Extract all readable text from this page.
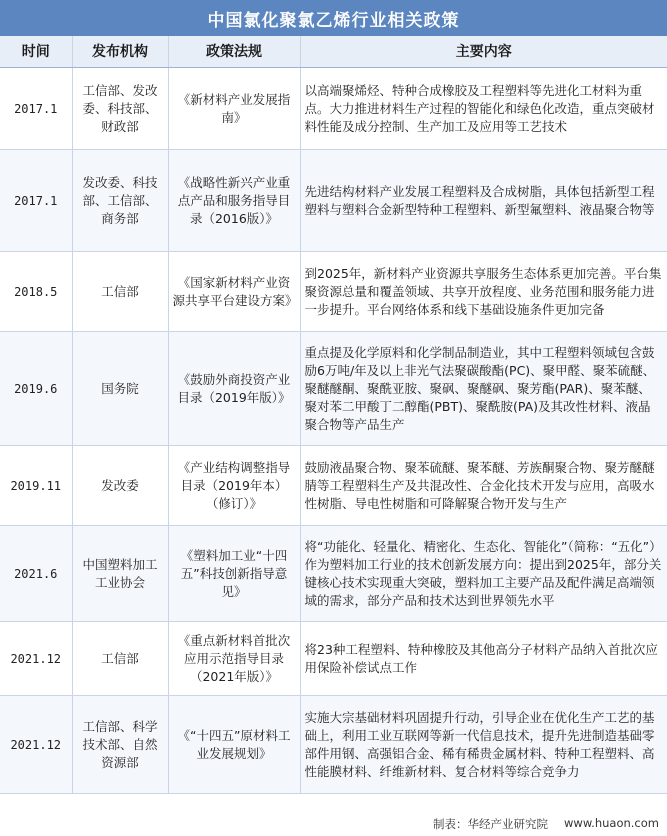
中国氯化聚氯乙烯行业相关政策
时间	发布机构	政策法规	主要内容
2017.1	工信部、发改委、科技部、财政部	《新材料产业发展指南》	以高端聚烯烃、特种合成橡胶及工程塑料等先进化工材料为重点。大力推进材料生产过程的智能化和绿色化改造，重点突破材料性能及成分控制、生产加工及应用等工艺技术
2017.1	发改委、科技部、工信部、商务部	《战略性新兴产业重点产品和服务指导目录（2016版）》	先进结构材料产业发展工程塑料及合成树脂，具体包括新型工程塑料与塑料合金新型特种工程塑料、新型氟塑料、液晶聚合物等
2018.5	工信部	《国家新材料产业资源共享平台建设方案》	到2025年，新材料产业资源共享服务生态体系更加完善。平台集聚资源总量和覆盖领域、共享开放程度、业务范围和服务能力进一步提升。平台网络体系和线下基础设施条件更加完备
2019.6	国务院	《鼓励外商投资产业目录（2019年版）》	重点提及化学原料和化学制品制造业，其中工程塑料领域包含鼓励6万吨/年及以上非光气法聚碳酸酯(PC)、聚甲醛、聚苯硫醚、聚醚醚酮、聚酰亚胺、聚砜、聚醚砜、聚芳酯(PAR)、聚苯醚、聚对苯二甲酸丁二醇酯(PBT)、聚酰胺(PA)及其改性材料、液晶聚合物等产品生产
2019.11	发改委	《产业结构调整指导目录（2019年本）（修订）》	鼓励液晶聚合物、聚苯硫醚、聚苯醚、芳族酮聚合物、聚芳醚醚腈等工程塑料生产及共混改性、合金化技术开发与应用，高吸水性树脂、导电性树脂和可降解聚合物开发与生产
2021.6	中国塑料加工工业协会	《塑料加工业“十四五”科技创新指导意见》	将“功能化、轻量化、精密化、生态化、智能化”（简称：“五化”）作为塑料加工行业的技术创新发展方向：提出到2025年，部分关键核心技术实现重大突破，塑料加工主要产品及配件满足高端领域的需求，部分产品和技术达到世界领先水平
2021.12	工信部	《重点新材料首批次应用示范指导目录（2021年版）》	将23种工程塑料、特种橡胶及其他高分子材料产品纳入首批次应用保险补偿试点工作
2021.12	工信部、科学技术部、自然资源部	《“十四五”原材料工业发展规划》	实施大宗基础材料巩固提升行动，引导企业在优化生产工艺的基础上，利用工业互联网等新一代信息技术，提升先进制造基础零部件用钢、高强铝合金、稀有稀贵金属材料、特种工程塑料、高性能膜材料、纤维新材料、复合材料等综合竞争力
制表：华经产业研究院 www.huaon.com
